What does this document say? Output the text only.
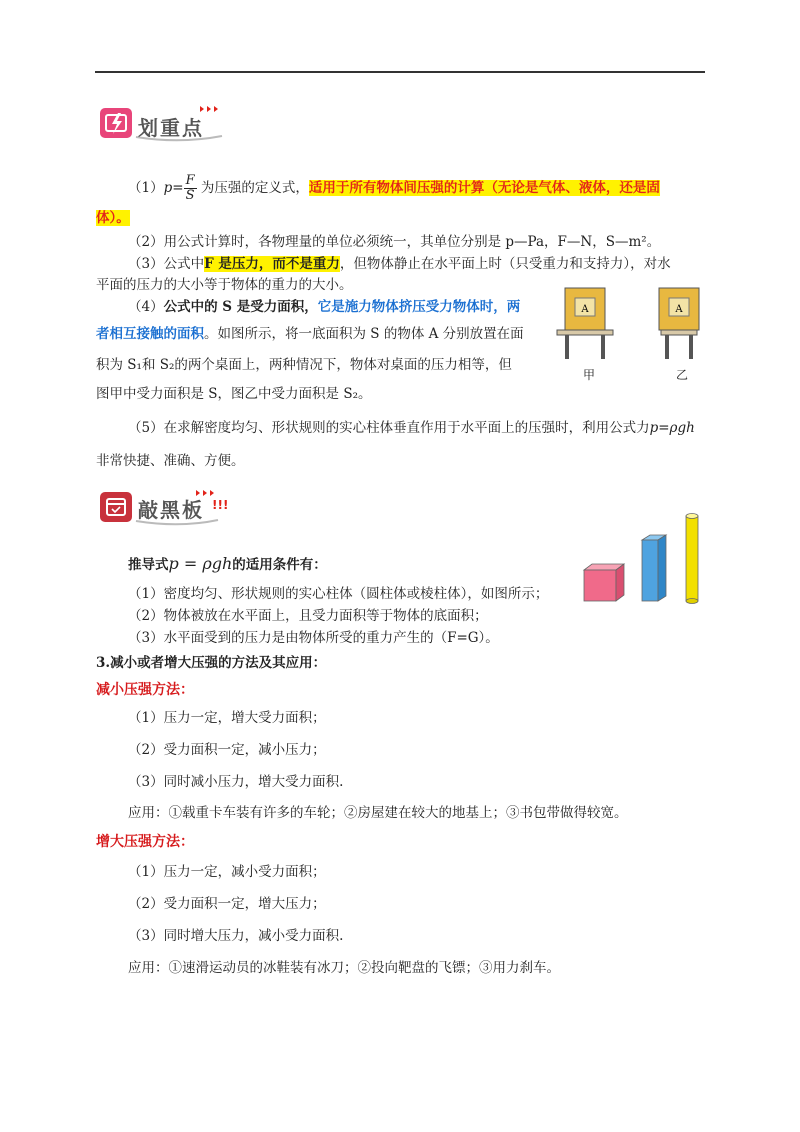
划重点
$(1)p= \frac{F}{S}$ 为压强的定义式，适用于所有物体间压强的计算（无论是气体、液体，还是固
体）。
（2）用公式计算时，各物理量的单位必须统一，其单位分别是 p—Pa，F—N，S—m²。
（3）公式中F 是压力，而不是重力，但物体静止在水平面上时（只受重力和支持力），对水
平面的压力的大小等于物体的重力的大小。
（4）公式中的 S 是受力面积，它是施力物体挤压受力物体时，两
者相互接触的面积。如图所示，将一底面积为 S 的物体 A 分别放置在面
积为 S₁和 S₂的两个桌面上，两种情况下，物体对桌面的压力相等，但
图甲中受力面积是 S，图乙中受力面积是 S₂。
A	A
甲	乙
（5）在求解密度均匀、形状规则的实心柱体垂直作用于水平面上的压强时，利用公式力p=ρgh
非常快捷、准确、方便。
敲黑板 !!!
推导式p = ρgh的适用条件有：
（1）密度均匀、形状规则的实心柱体（圆柱体或棱柱体），如图所示；
（2）物体被放在水平面上，且受力面积等于物体的底面积；
（3）水平面受到的压力是由物体所受的重力产生的（F=G）。
3.减小或者增大压强的方法及其应用：
减小压强方法：
（1）压力一定，增大受力面积；
（2）受力面积一定，减小压力；
（3）同时减小压力，增大受力面积.
应用：①载重卡车装有许多的车轮；②房屋建在较大的地基上；③书包带做得较宽。
增大压强方法：
（1）压力一定，减小受力面积；
（2）受力面积一定，增大压力；
（3）同时增大压力，减小受力面积.
应用：①速滑运动员的冰鞋装有冰刀；②投向靶盘的飞镖；③用力刹车。
